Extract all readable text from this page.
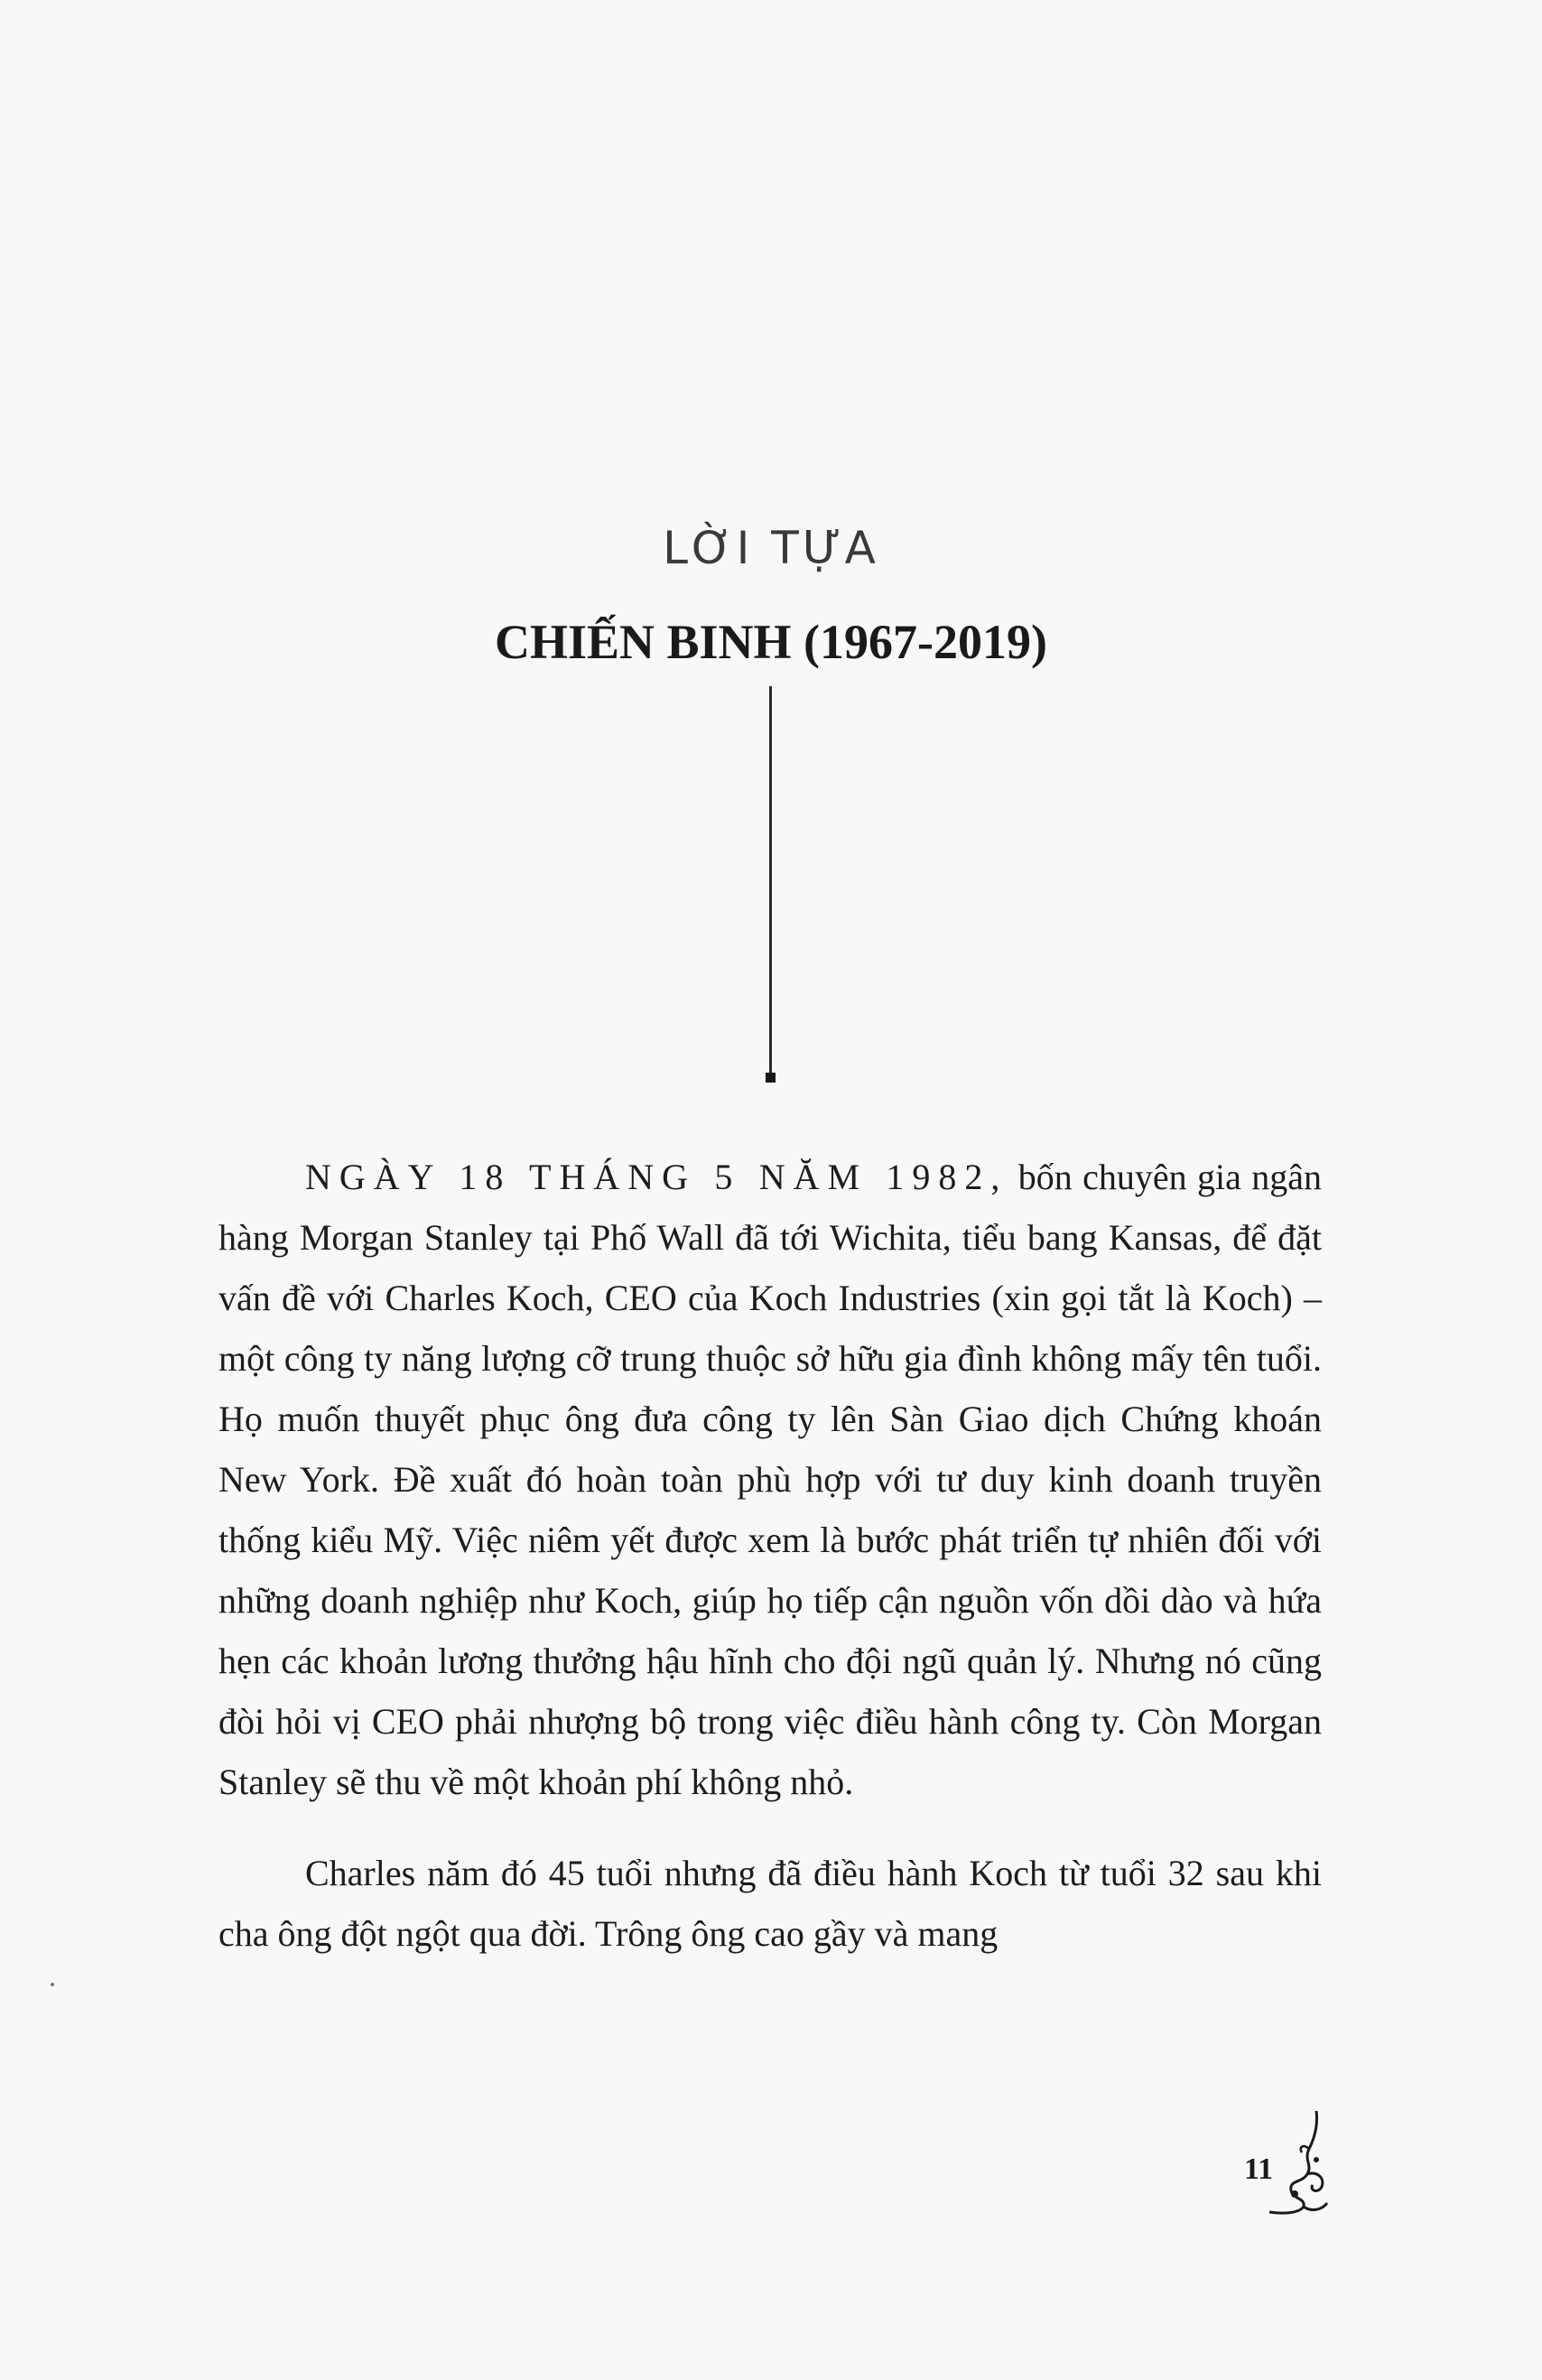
LỜI TỰA
CHIẾN BINH (1967-2019)

NGÀY 18 THÁNG 5 NĂM 1982, bốn chuyên gia ngân hàng Morgan Stanley tại Phố Wall đã tới Wichita, tiểu bang Kansas, để đặt vấn đề với Charles Koch, CEO của Koch Industries (xin gọi tắt là Koch) – một công ty năng lượng cỡ trung thuộc sở hữu gia đình không mấy tên tuổi. Họ muốn thuyết phục ông đưa công ty lên Sàn Giao dịch Chứng khoán New York. Đề xuất đó hoàn toàn phù hợp với tư duy kinh doanh truyền thống kiểu Mỹ. Việc niêm yết được xem là bước phát triển tự nhiên đối với những doanh nghiệp như Koch, giúp họ tiếp cận nguồn vốn dồi dào và hứa hẹn các khoản lương thưởng hậu hĩnh cho đội ngũ quản lý. Nhưng nó cũng đòi hỏi vị CEO phải nhượng bộ trong việc điều hành công ty. Còn Morgan Stanley sẽ thu về một khoản phí không nhỏ.

Charles năm đó 45 tuổi nhưng đã điều hành Koch từ tuổi 32 sau khi cha ông đột ngột qua đời. Trông ông cao gầy và mang

11
